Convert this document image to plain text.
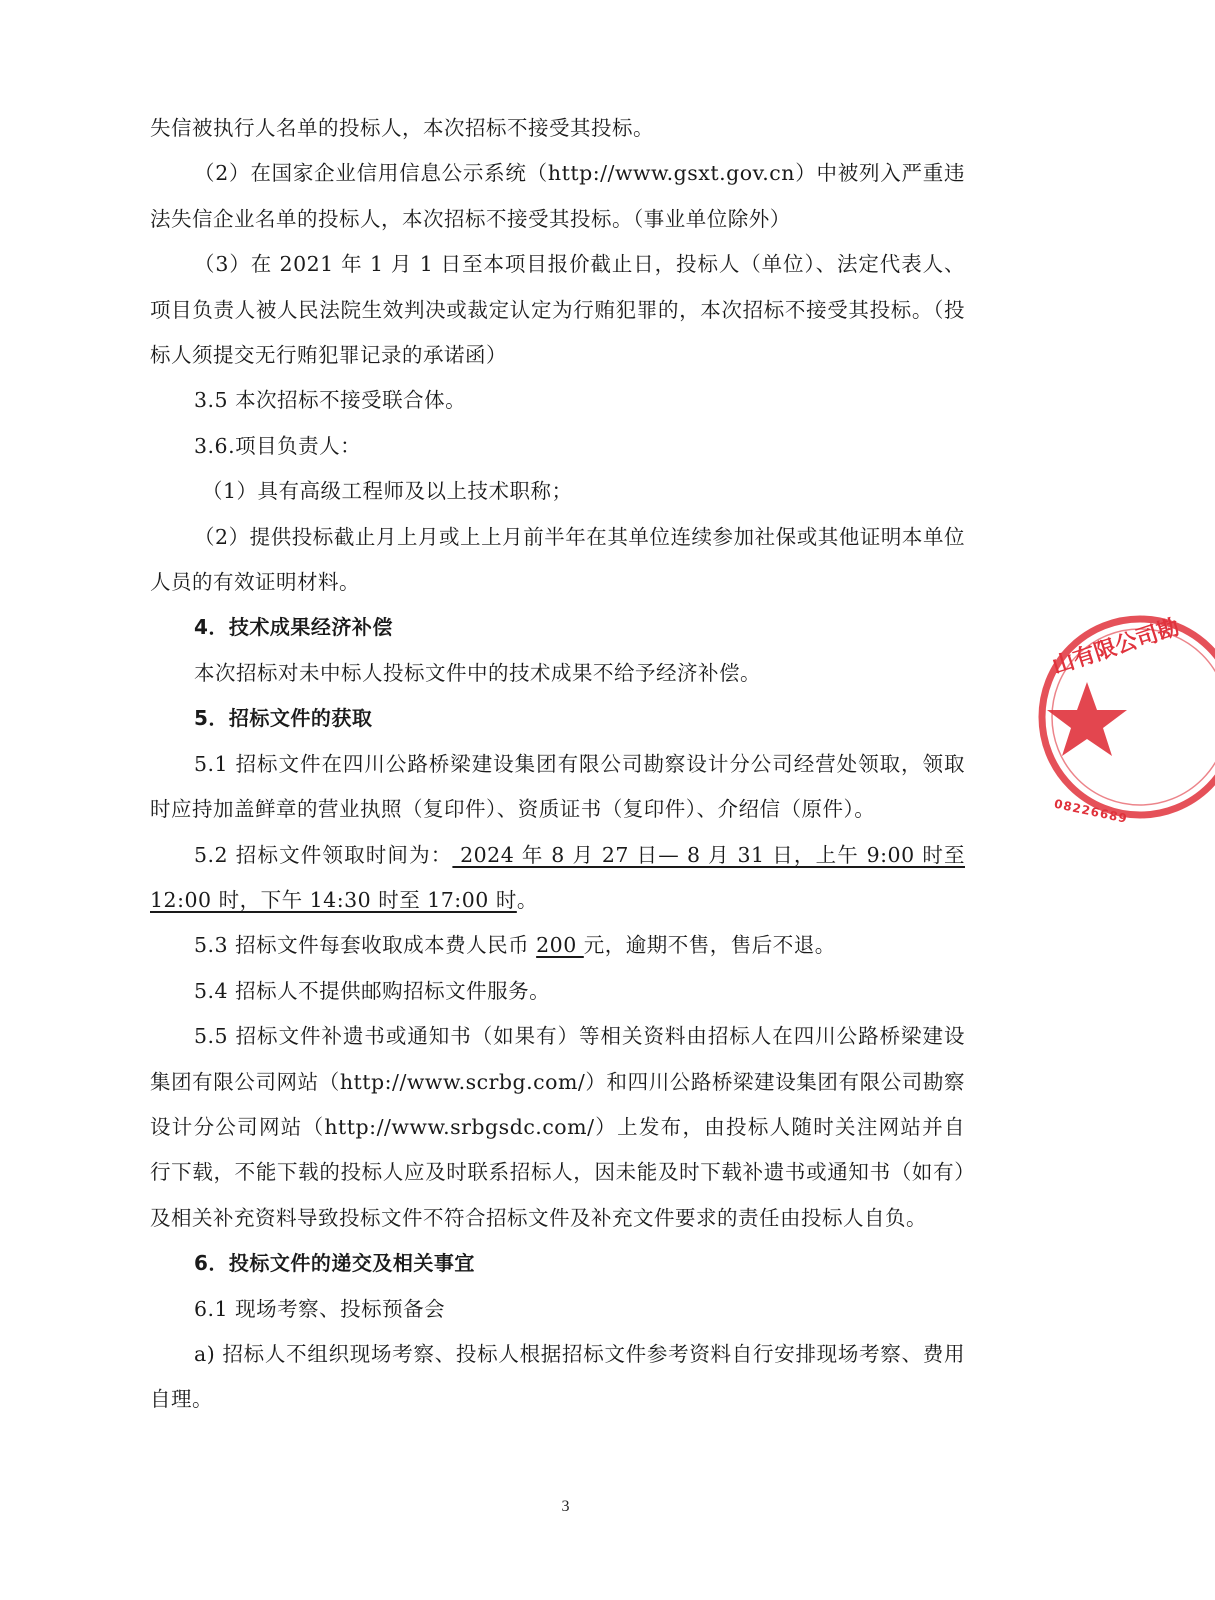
失信被执行人名单的投标人，本次招标不接受其投标。

（2）在国家企业信用信息公示系统（http://www.gsxt.gov.cn）中被列入严重违法失信企业名单的投标人，本次招标不接受其投标。（事业单位除外）

（3）在 2021 年 1 月 1 日至本项目报价截止日，投标人（单位）、法定代表人、项目负责人被人民法院生效判决或裁定认定为行贿犯罪的，本次招标不接受其投标。（投标人须提交无行贿犯罪记录的承诺函）

3.5 本次招标不接受联合体。

3.6.项目负责人：

（1）具有高级工程师及以上技术职称；

（2）提供投标截止月上月或上上月前半年在其单位连续参加社保或其他证明本单位人员的有效证明材料。

4．技术成果经济补偿

本次招标对未中标人投标文件中的技术成果不给予经济补偿。

5．招标文件的获取

5.1 招标文件在四川公路桥梁建设集团有限公司勘察设计分公司经营处领取，领取时应持加盖鲜章的营业执照（复印件）、资质证书（复印件）、介绍信（原件）。

5.2 招标文件领取时间为： 2024 年 8 月 27 日— 8 月 31 日，上午 9:00 时至 12:00 时，下午 14:30 时至 17:00 时。

5.3 招标文件每套收取成本费人民币 200 元，逾期不售，售后不退。

5.4 招标人不提供邮购招标文件服务。

5.5 招标文件补遗书或通知书（如果有）等相关资料由招标人在四川公路桥梁建设集团有限公司网站（http://www.scrbg.com/）和四川公路桥梁建设集团有限公司勘察设计分公司网站（http://www.srbgsdc.com/）上发布，由投标人随时关注网站并自行下载，不能下载的投标人应及时联系招标人，因未能及时下载补遗书或通知书（如有）及相关补充资料导致投标文件不符合招标文件及补充文件要求的责任由投标人自负。

6．投标文件的递交及相关事宜

6.1 现场考察、投标预备会

a) 招标人不组织现场考察、投标人根据招标文件参考资料自行安排现场考察、费用自理。

山有限公司勘
08226689
3
